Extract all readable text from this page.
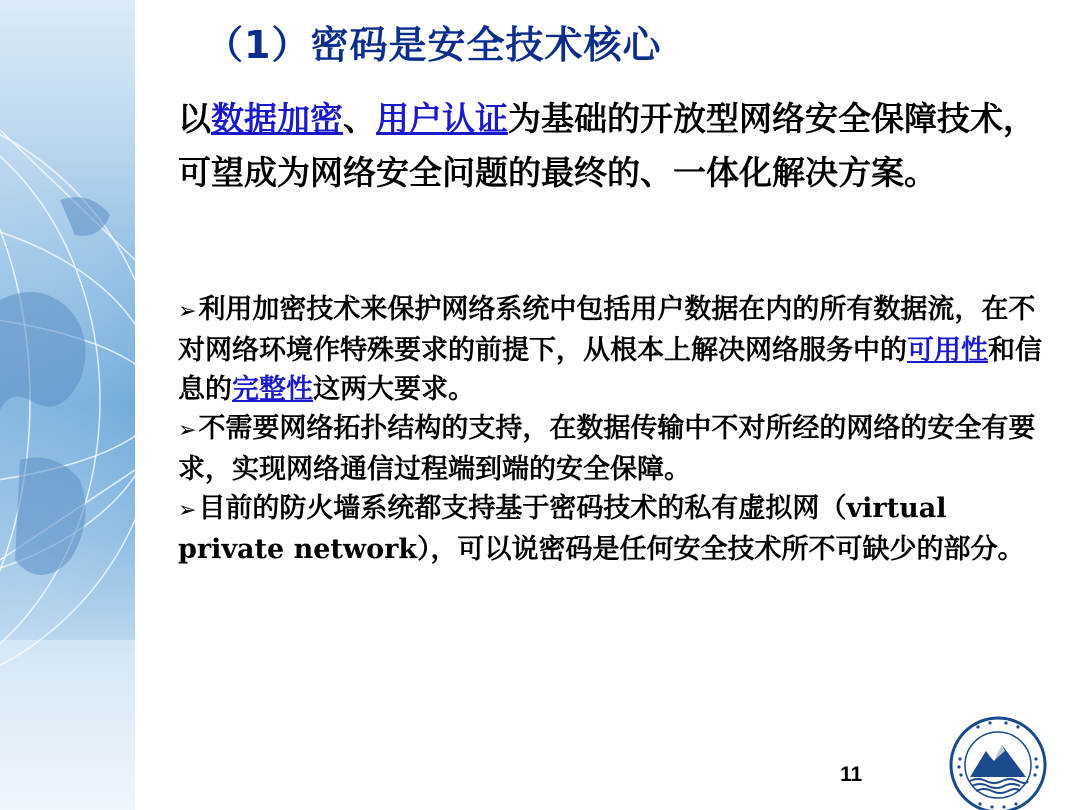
（1）密码是安全技术核心
以数据加密、用户认证为基础的开放型网络安全保障技术，可望成为网络安全问题的最终的、一体化解决方案。

➢利用加密技术来保护网络系统中包括用户数据在内的所有数据流，在不对网络环境作特殊要求的前提下，从根本上解决网络服务中的可用性和信息的完整性这两大要求。

➢不需要网络拓扑结构的支持，在数据传输中不对所经的网络的安全有要求，实现网络通信过程端到端的安全保障。

➢目前的防火墙系统都支持基于密码技术的私有虚拟网（virtual private network），可以说密码是任何安全技术所不可缺少的部分。

11
